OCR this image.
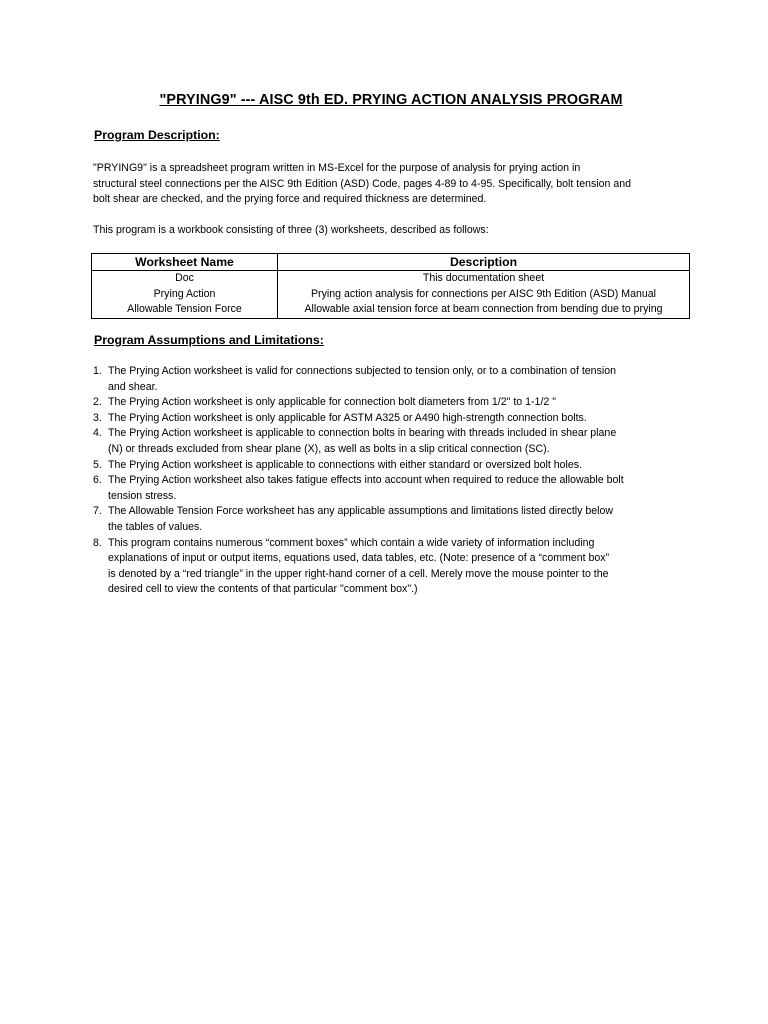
"PRYING9" --- AISC 9th ED. PRYING ACTION ANALYSIS PROGRAM
Program Description:
"PRYING9" is a spreadsheet program written in MS-Excel for the purpose of analysis for prying action in
structural steel connections per the AISC 9th Edition (ASD) Code, pages 4-89 to 4-95. Specifically, bolt tension and
bolt shear are checked, and the prying force and required thickness are determined.
This program is a workbook consisting of three (3) worksheets, described as follows:
Worksheet Name	Description
Doc	This documentation sheet
Prying Action	Prying action analysis for connections per AISC 9th Edition (ASD) Manual
Allowable Tension Force	Allowable axial tension force at beam connection from bending due to prying
Program Assumptions and Limitations:
1. The Prying Action worksheet is valid for connections subjected to tension only, or to a combination of tension
and shear.
2. The Prying Action worksheet is only applicable for connection bolt diameters from 1/2" to 1-1/2 "
3. The Prying Action worksheet is only applicable for ASTM A325 or A490 high-strength connection bolts.
4. The Prying Action worksheet is applicable to connection bolts in bearing with threads included in shear plane
(N) or threads excluded from shear plane (X), as well as bolts in a slip critical connection (SC).
5. The Prying Action worksheet is applicable to connections with either standard or oversized bolt holes.
6. The Prying Action worksheet also takes fatigue effects into account when required to reduce the allowable bolt
tension stress.
7. The Allowable Tension Force worksheet has any applicable assumptions and limitations listed directly below
the tables of values.
8. This program contains numerous “comment boxes” which contain a wide variety of information including
explanations of input or output items, equations used, data tables, etc. (Note: presence of a “comment box”
is denoted by a “red triangle” in the upper right-hand corner of a cell. Merely move the mouse pointer to the
desired cell to view the contents of that particular "comment box".)
